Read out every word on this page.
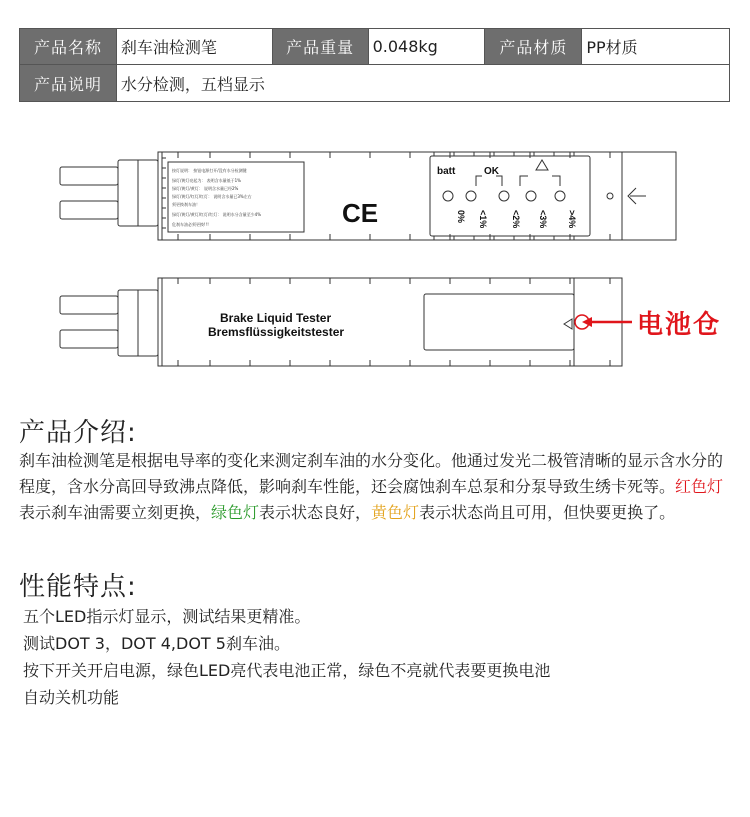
产品名称	刹车油检测笔	产品重量	0.048kg	产品材质	PP材质
产品说明	水分检测，五档显示				
按灯说明： 按钮电源打开/没有水分检测键
绿灯/黄灯亮起为： 表明含水量低于1%
绿灯/黄灯/黄灯： 说明含水量已经2%
绿灯/黄灯/红灯/红灯： 说明含水量已3%左右
须更换刹车油！
绿灯/黄灯/黄灯/红灯/红灯： 说明水分含量至少4%
危刹车油必须更换!!!	CE
batt	OK
0% <1%	<2% <3% >4%
Brake Liquid Tester
Bremsflüssigkeitstester	电池仓
产品介绍:

刹车油检测笔是根据电导率的变化来测定刹车油的水分变化。他通过发光二极管清晰的显示含水分的程度，含水分高回导致沸点降低，影响刹车性能，还会腐蚀刹车总泵和分泵导致生绣卡死等。红色灯表示刹车油需要立刻更换，绿色灯表示状态良好，黄色灯表示状态尚且可用，但快要更换了。

性能特点:
五个LED指示灯显示，测试结果更精准。
测试DOT 3，DOT 4,DOT 5刹车油。
按下开关开启电源，绿色LED亮代表电池正常，绿色不亮就代表要更换电池
自动关机功能
